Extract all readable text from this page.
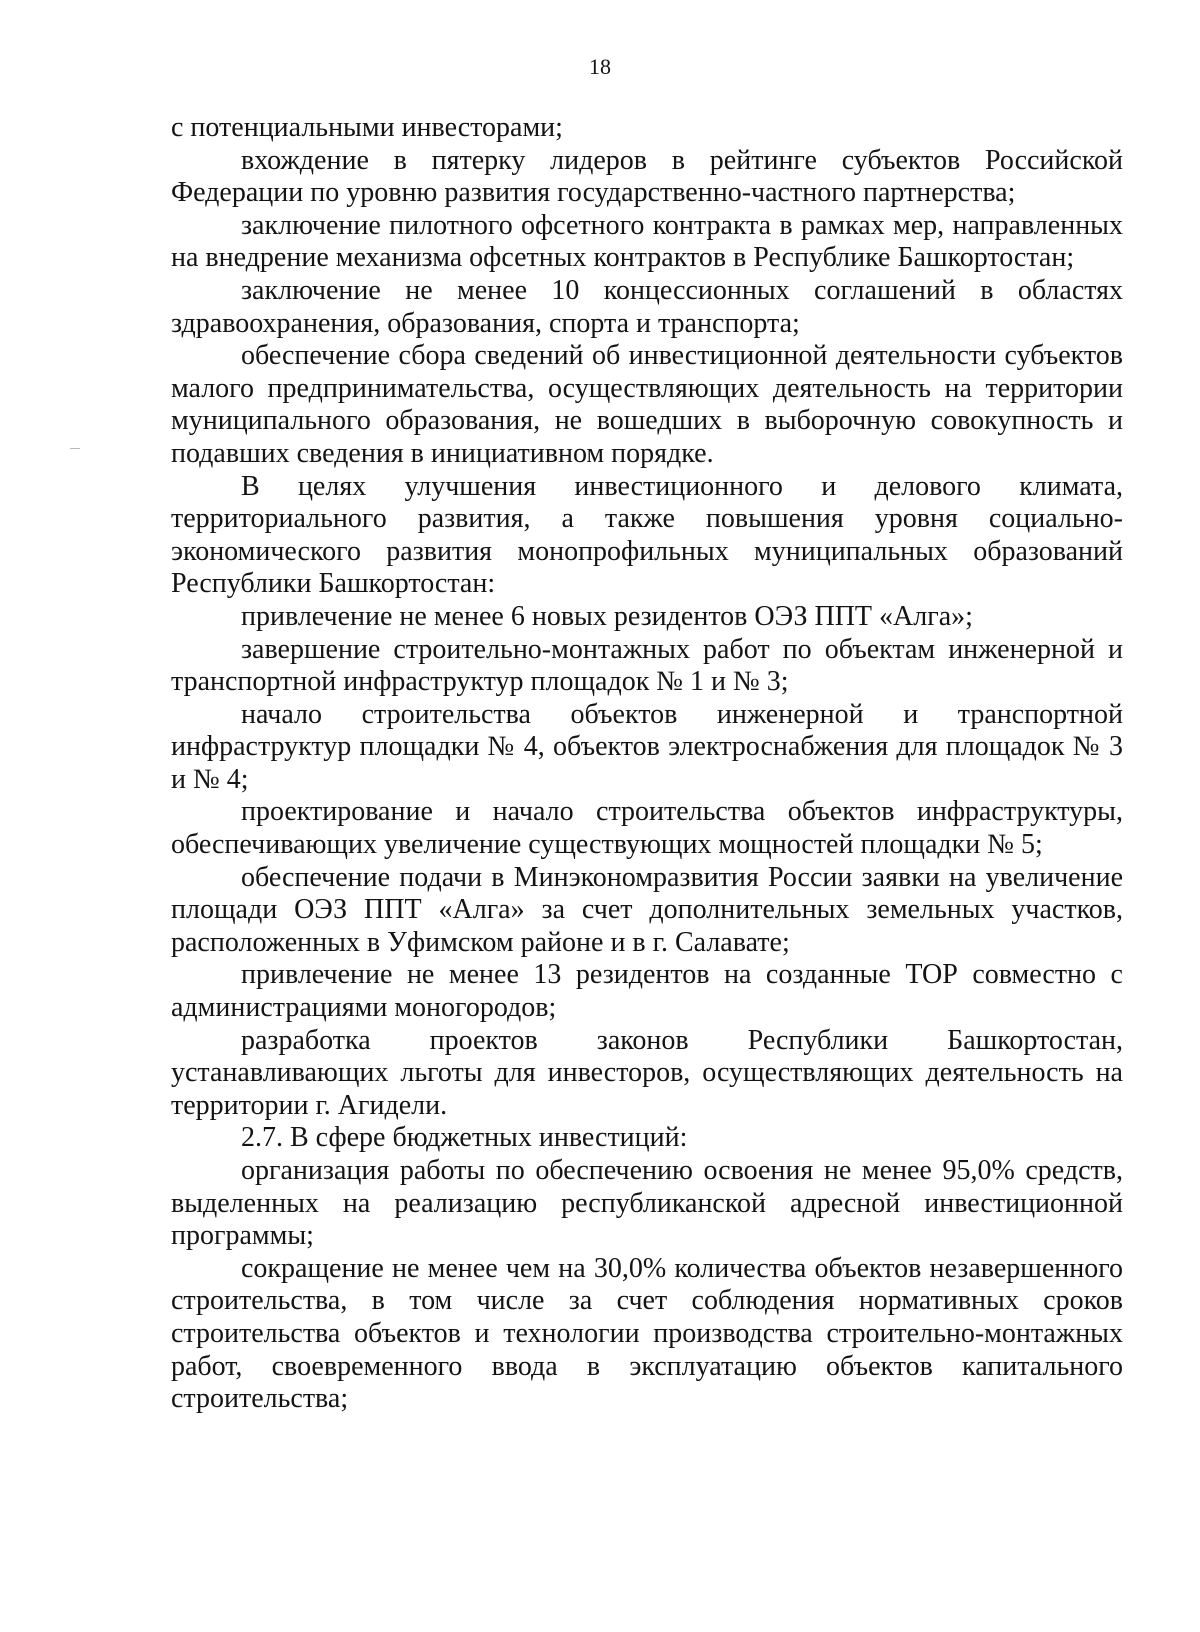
18

с потенциальными инвесторами;

вхождение в пятерку лидеров в рейтинге субъектов Российской Федерации по уровню развития государственно-частного партнерства;

заключение пилотного офсетного контракта в рамках мер, направленных на внедрение механизма офсетных контрактов в Республике Башкортостан;

заключение не менее 10 концессионных соглашений в областях здравоохранения, образования, спорта и транспорта;

обеспечение сбора сведений об инвестиционной деятельности субъектов малого предпринимательства, осуществляющих деятельность на территории муниципального образования, не вошедших в выборочную совокупность и подавших сведения в инициативном порядке.

В целях улучшения инвестиционного и делового климата, территориального развития, а также повышения уровня социально-экономического развития монопрофильных муниципальных образований Республики Башкортостан:

привлечение не менее 6 новых резидентов ОЭЗ ППТ «Алга»;

завершение строительно-монтажных работ по объектам инженерной и транспортной инфраструктур площадок № 1 и № 3;

начало строительства объектов инженерной и транспортной инфраструктур площадки № 4, объектов электроснабжения для площадок № 3 и № 4;

проектирование и начало строительства объектов инфраструктуры, обеспечивающих увеличение существующих мощностей площадки № 5;

обеспечение подачи в Минэкономразвития России заявки на увеличение площади ОЭЗ ППТ «Алга» за счет дополнительных земельных участков, расположенных в Уфимском районе и в г. Салавате;

привлечение не менее 13 резидентов на созданные ТОР совместно с администрациями моногородов;

разработка проектов законов Республики Башкортостан, устанавливающих льготы для инвесторов, осуществляющих деятельность на территории г. Агидели.

2.7. В сфере бюджетных инвестиций:

организация работы по обеспечению освоения не менее 95,0% средств, выделенных на реализацию республиканской адресной инвестиционной программы;

сокращение не менее чем на 30,0% количества объектов незавершенного строительства, в том числе за счет соблюдения нормативных сроков строительства объектов и технологии производства строительно-монтажных работ, своевременного ввода в эксплуатацию объектов капитального строительства;
